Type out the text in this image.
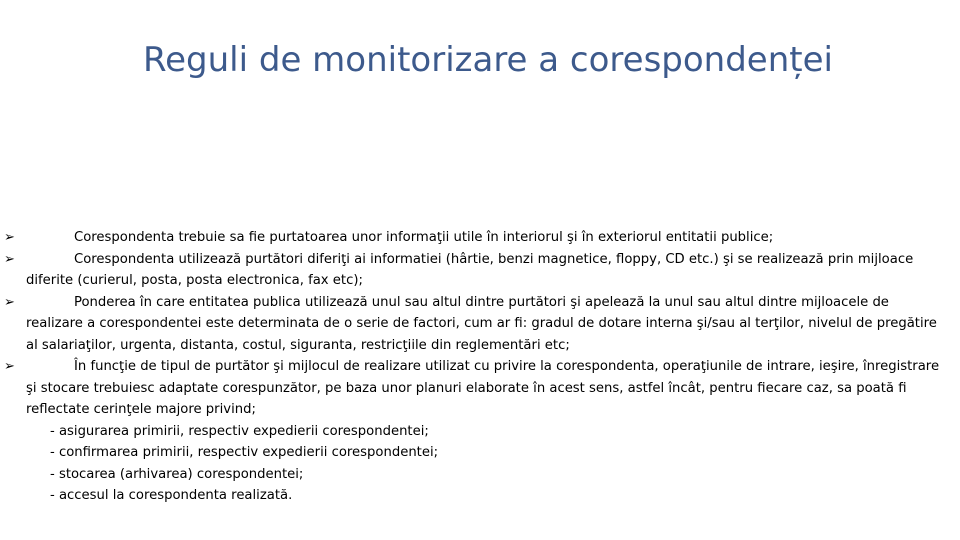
Reguli de monitorizare a corespondenței

➢	Corespondenta trebuie sa fie purtatoarea unor informaţii utile în interiorul şi în exteriorul entitatii publice;

➢	Corespondenta utilizează purtători diferiţi ai informatiei (hârtie, benzi magnetice, floppy, CD etc.) şi se realizează prin mijloace diferite (curierul, posta, posta electronica, fax etc);

➢	Ponderea în care entitatea publica utilizează unul sau altul dintre purtători şi apelează la unul sau altul dintre mijloacele de realizare a corespondentei este determinata de o serie de factori, cum ar fi: gradul de dotare interna şi/sau al terţilor, nivelul de pregătire al salariaţilor, urgenta, distanta, costul, siguranta, restricţiile din reglementări etc;

➢	În funcţie de tipul de purtător şi mijlocul de realizare utilizat cu privire la corespondenta, operaţiunile de intrare, ieşire, înregistrare şi stocare trebuiesc adaptate corespunzător, pe baza unor planuri elaborate în acest sens, astfel încât, pentru fiecare caz, sa poată fi reflectate cerinţele majore privind;

- asigurarea primirii, respectiv expedierii corespondentei;

- confirmarea primirii, respectiv expedierii corespondentei;

- stocarea (arhivarea) corespondentei;

- accesul la corespondenta realizată.
